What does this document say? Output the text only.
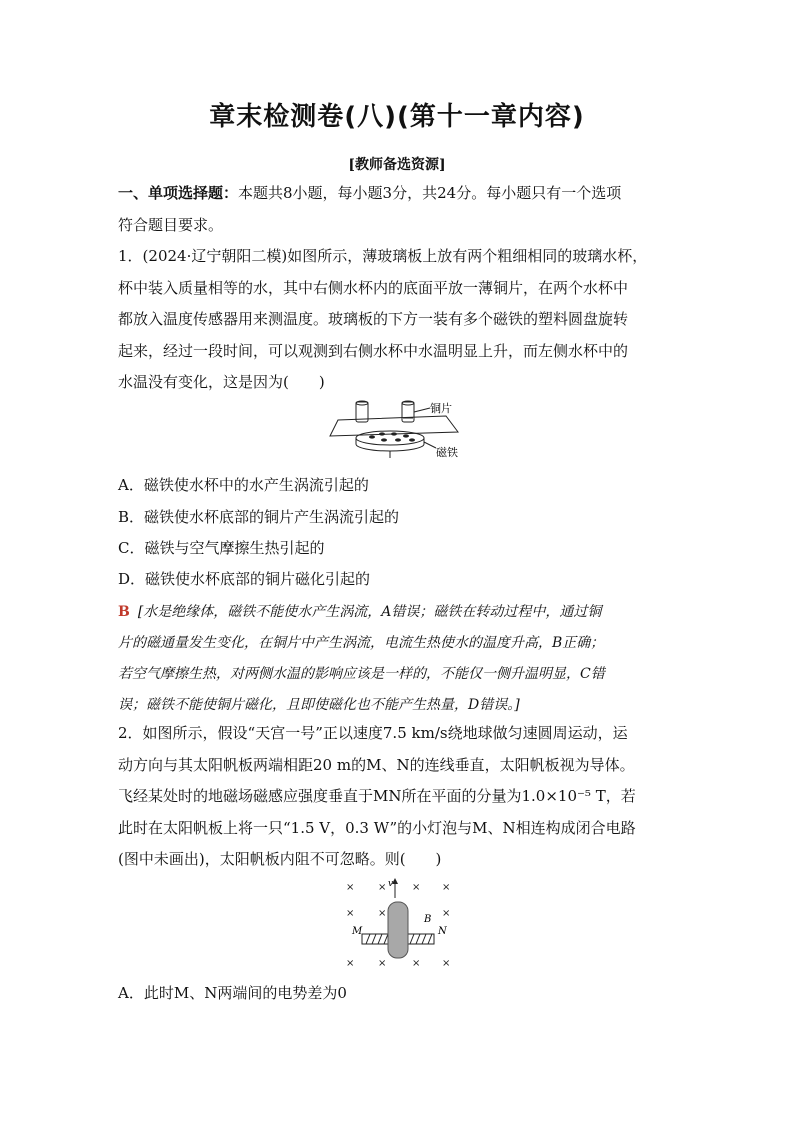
章末检测卷(八)(第十一章内容)
[教师备选资源]
一、单项选择题：本题共8小题，每小题3分，共24分。每小题只有一个选项
符合题目要求。
1．(2024·辽宁朝阳二模)如图所示，薄玻璃板上放有两个粗细相同的玻璃水杯，
杯中装入质量相等的水，其中右侧水杯内的底面平放一薄铜片，在两个水杯中
都放入温度传感器用来测温度。玻璃板的下方一装有多个磁铁的塑料圆盘旋转
起来，经过一段时间，可以观测到右侧水杯中水温明显上升，而左侧水杯中的
水温没有变化，这是因为(　　)
铜片
磁铁
A．磁铁使水杯中的水产生涡流引起的
B．磁铁使水杯底部的铜片产生涡流引起的
C．磁铁与空气摩擦生热引起的
D．磁铁使水杯底部的铜片磁化引起的
B [水是绝缘体，磁铁不能使水产生涡流，A错误；磁铁在转动过程中，通过铜
片的磁通量发生变化，在铜片中产生涡流，电流生热使水的温度升高，B正确；
若空气摩擦生热，对两侧水温的影响应该是一样的，不能仅一侧升温明显，C错
误；磁铁不能使铜片磁化，且即使磁化也不能产生热量，D错误。]
2．如图所示，假设“天宫一号”正以速度7.5 km/s绕地球做匀速圆周运动，运
动方向与其太阳帆板两端相距20 m的M、N的连线垂直，太阳帆板视为导体。
飞经某处时的地磁场磁感应强度垂直于MN所在平面的分量为1.0×10⁻⁵ T，若
此时在太阳帆板上将一只“1.5 V，0.3 W”的小灯泡与M、N相连构成闭合电路
(图中未画出)，太阳帆板内阻不可忽略。则(　　)
× ×	× ×
× ×	×
× ×	× ×
v
B
M	N
A．此时M、N两端间的电势差为0
